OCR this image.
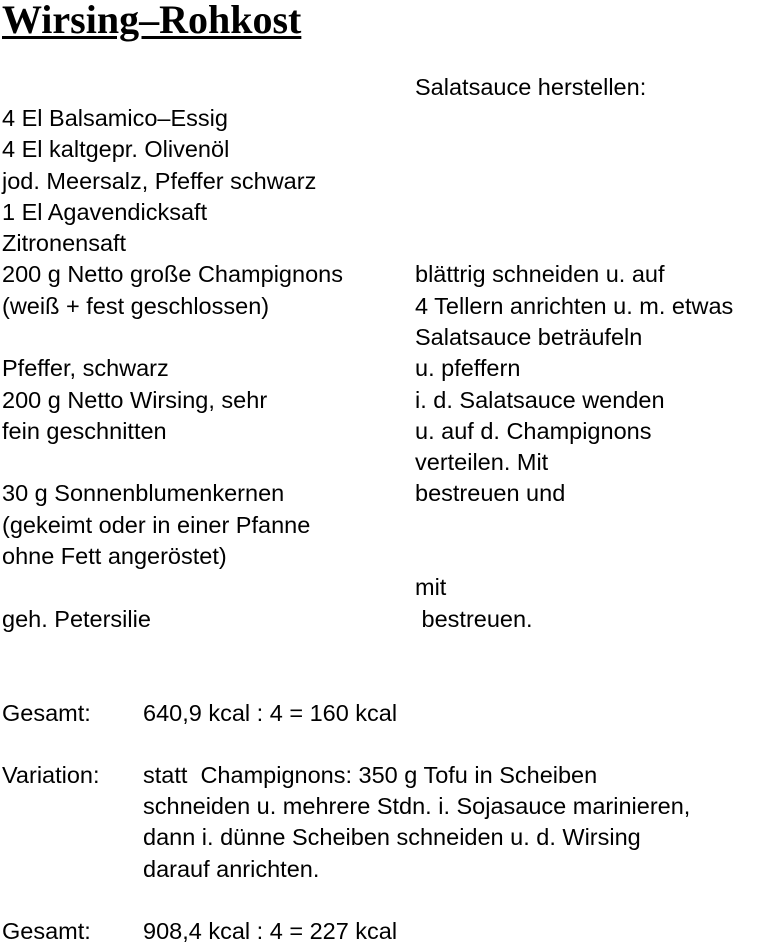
Wirsing–Rohkost
Salatsauce herstellen:
4 El Balsamico–Essig
4 El kaltgepr. Olivenöl
jod. Meersalz, Pfeffer schwarz
1 El Agavendicksaft
Zitronensaft
200 g Netto große Champignons	blättrig schneiden u. auf
(weiß + fest geschlossen)	4 Tellern anrichten u. m. etwas
Salatsauce beträufeln
Pfeffer, schwarz	u. pfeffern
200 g Netto Wirsing, sehr	i. d. Salatsauce wenden
fein geschnitten	u. auf d. Champignons
verteilen. Mit
30 g Sonnenblumenkernen	bestreuen und
(gekeimt oder in einer Pfanne
ohne Fett angeröstet)
mit
geh. Petersilie	bestreuen.
Gesamt: 640,9 kcal : 4 = 160 kcal
Variation: statt  Champignons: 350 g Tofu in Scheiben
schneiden u. mehrere Stdn. i. Sojasauce marinieren,
dann i. dünne Scheiben schneiden u. d. Wirsing
darauf anrichten.
Gesamt: 908,4 kcal : 4 = 227 kcal
